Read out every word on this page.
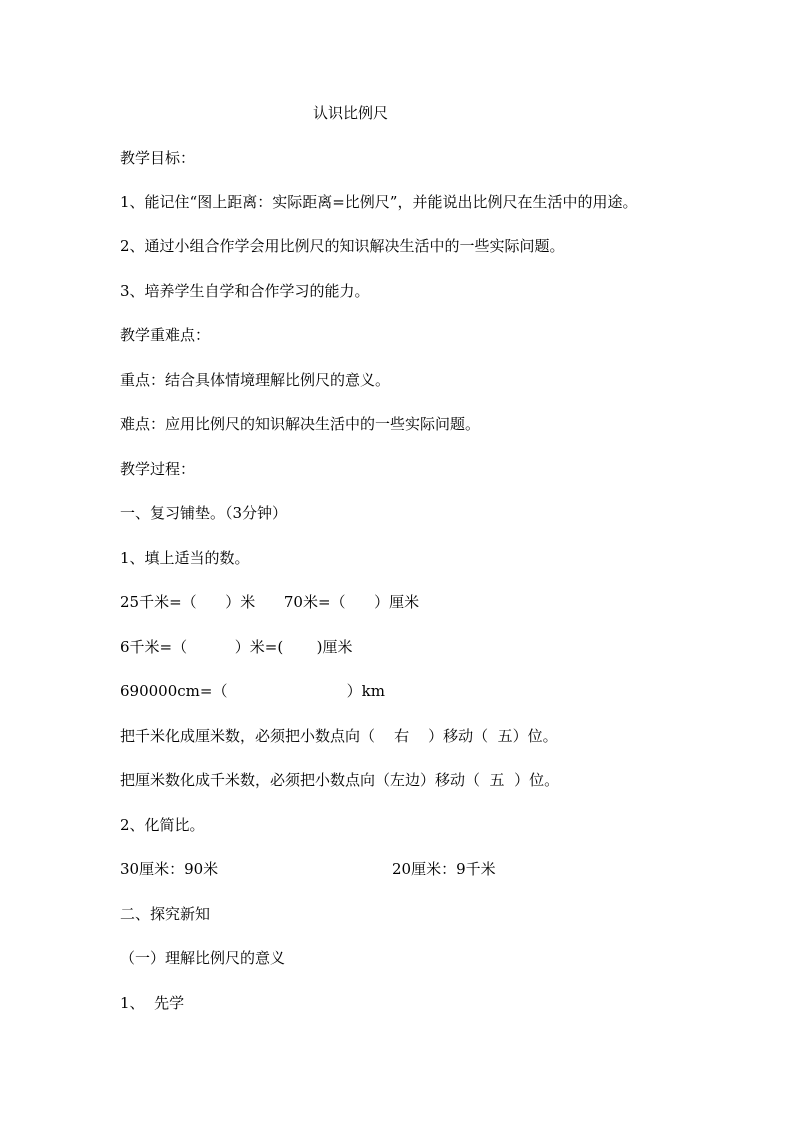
认识比例尺
教学目标：
1、能记住“图上距离：实际距离=比例尺”，并能说出比例尺在生活中的用途。
2、通过小组合作学会用比例尺的知识解决生活中的一些实际问题。
3、培养学生自学和合作学习的能力。
教学重难点：
重点：结合具体情境理解比例尺的意义。
难点：应用比例尺的知识解决生活中的一些实际问题。
教学过程：
一、复习铺垫。（3分钟）
1、填上适当的数。
25千米=（      ）米      70米=（      ）厘米
6千米=（          ）米=(       )厘米
690000cm=（                         ）km
把千米化成厘米数，必须把小数点向（    右    ）移动（  五）位。
把厘米数化成千米数，必须把小数点向（左边）移动（  五  ）位。
2、化简比。
30厘米：90米	20厘米：9千米
二、探究新知
（一）理解比例尺的意义
1、  先学
